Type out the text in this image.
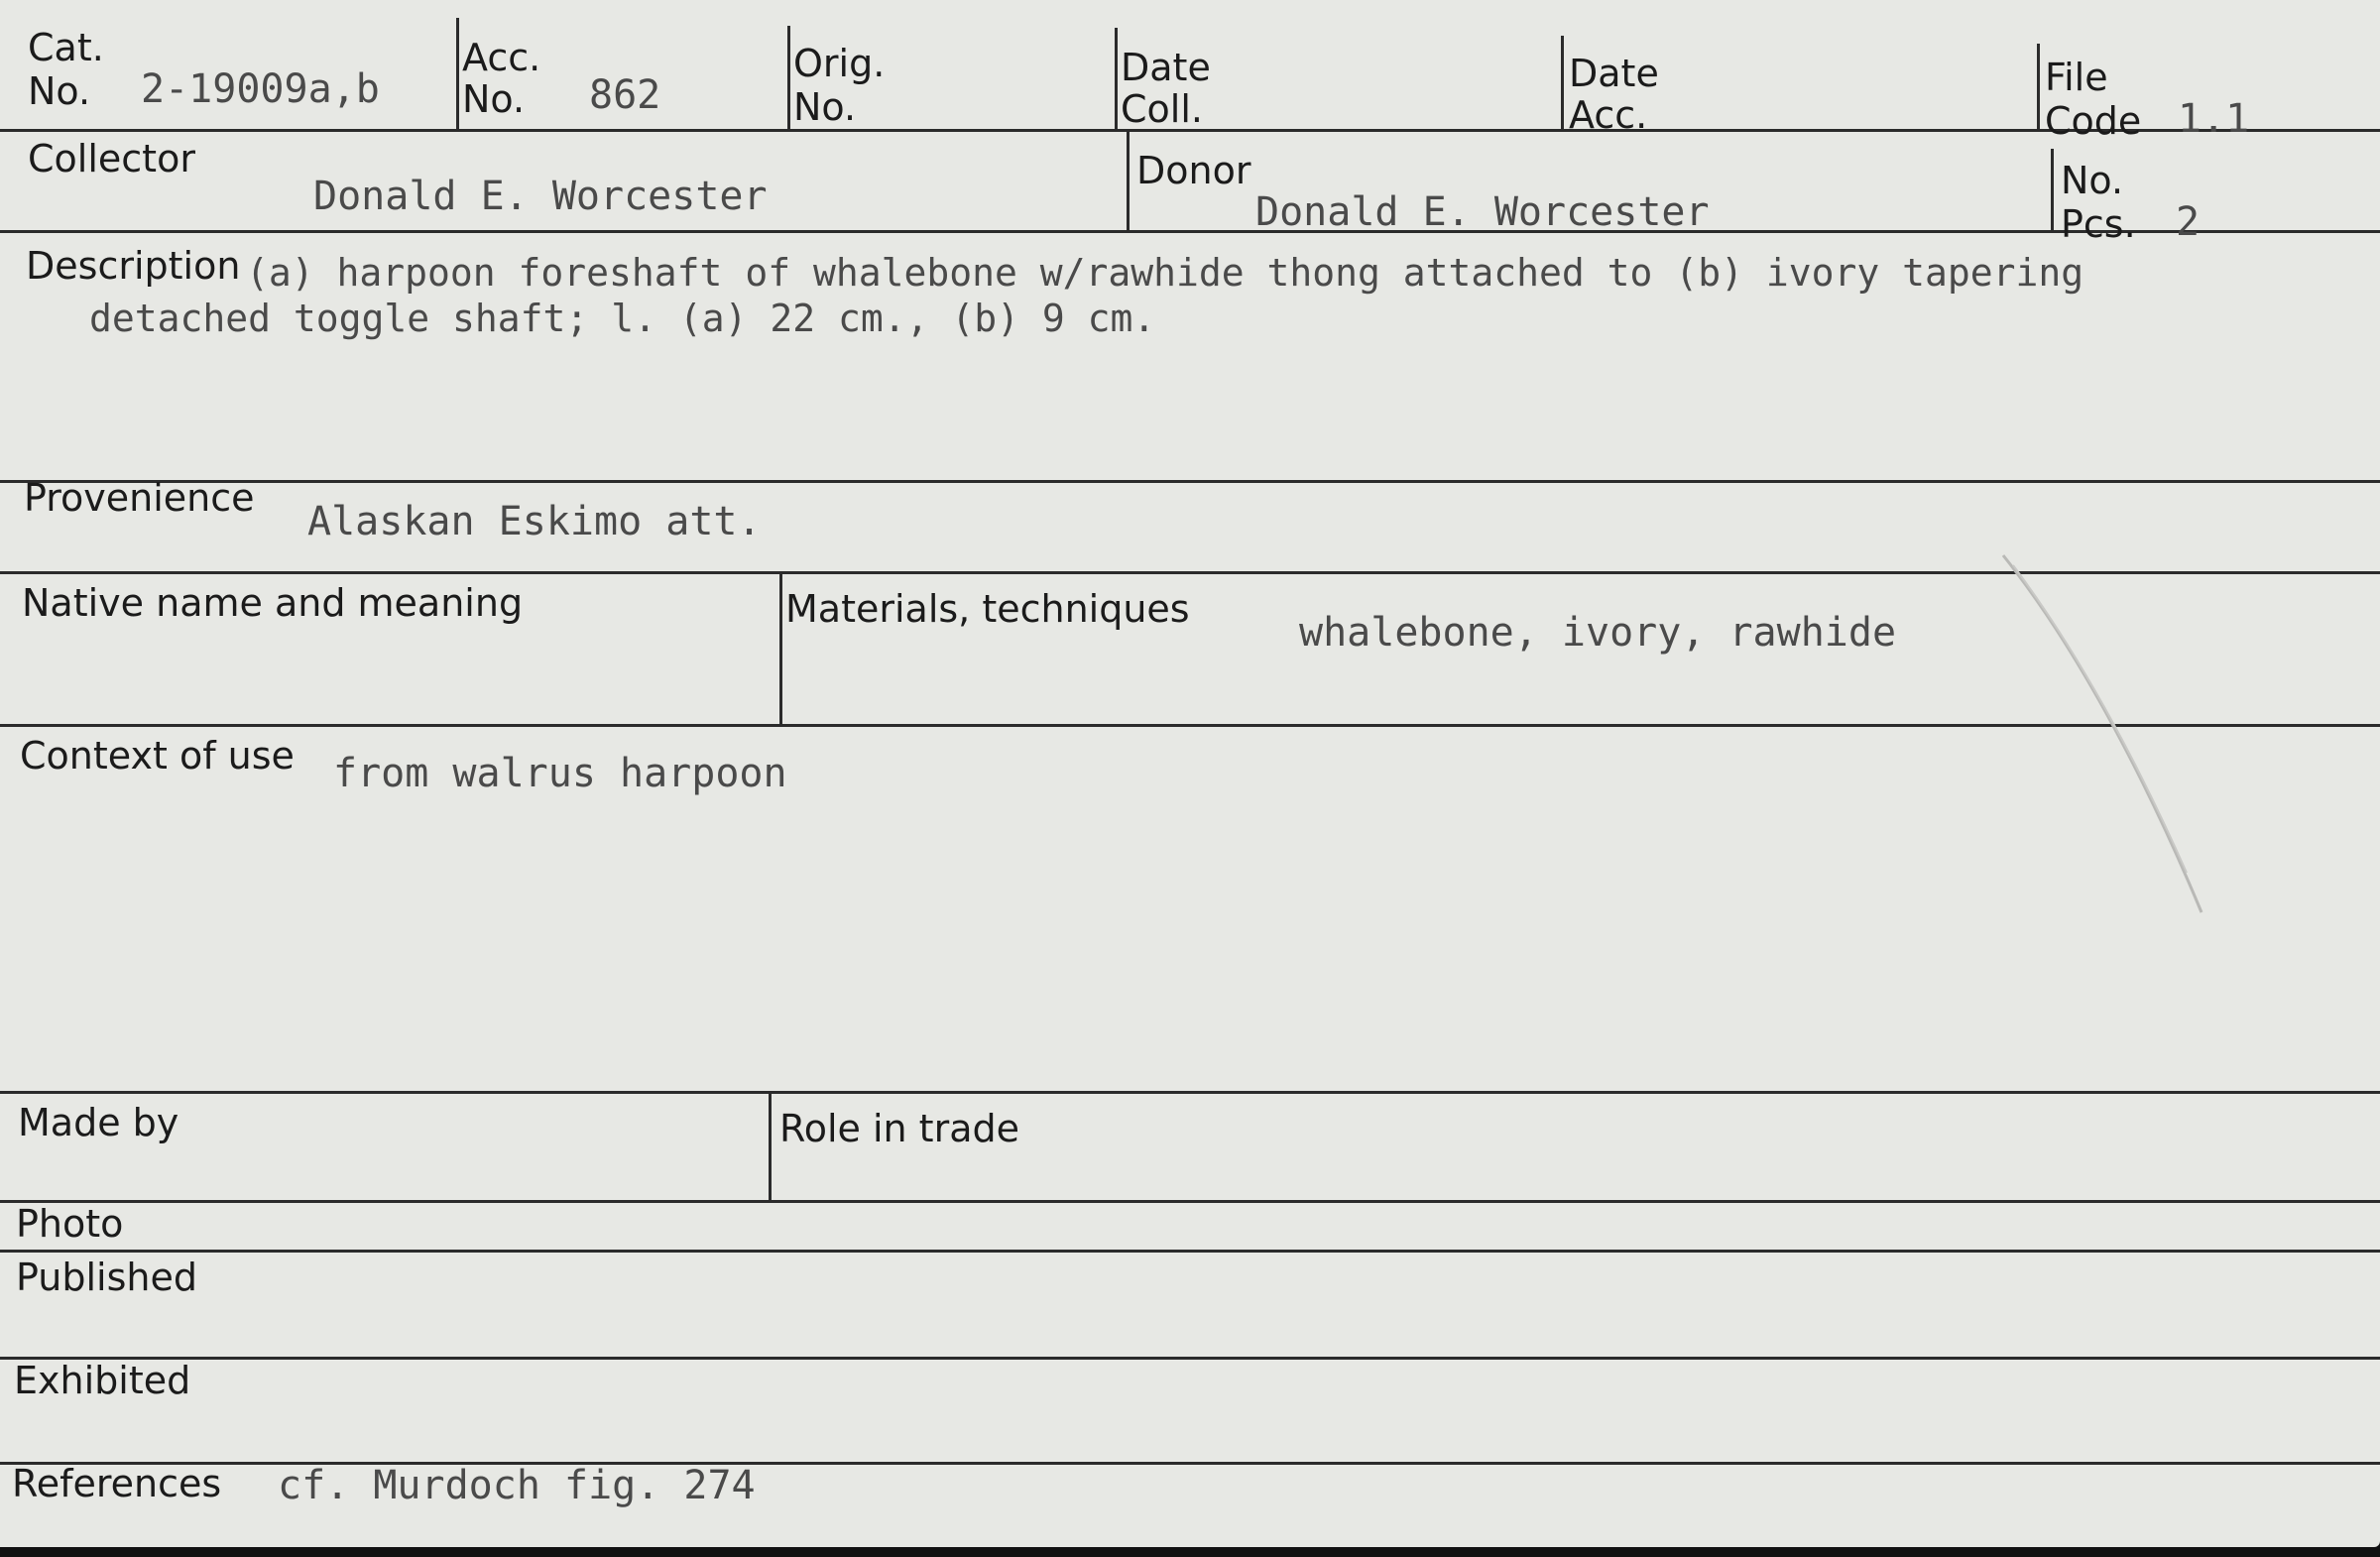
Cat.
No. 2-19009a,b
Acc.
No. 862
Orig.
No.
Date
Coll.
Date
Acc.
File
Code 1.1
Collector
Donald E. Worcester
Donor
Donald E. Worcester
No.
Pcs. 2
Description (a) harpoon foreshaft of whalebone w/rawhide thong attached to (b) ivory tapering
detached toggle shaft; l. (a) 22 cm., (b) 9 cm.
Provenience
Alaskan Eskimo att.
Native name and meaning	Materials, techniques
whalebone, ivory, rawhide
Context of use from walrus harpoon
Made by	Role in trade
Photo
Published
Exhibited
References cf. Murdoch fig. 274
